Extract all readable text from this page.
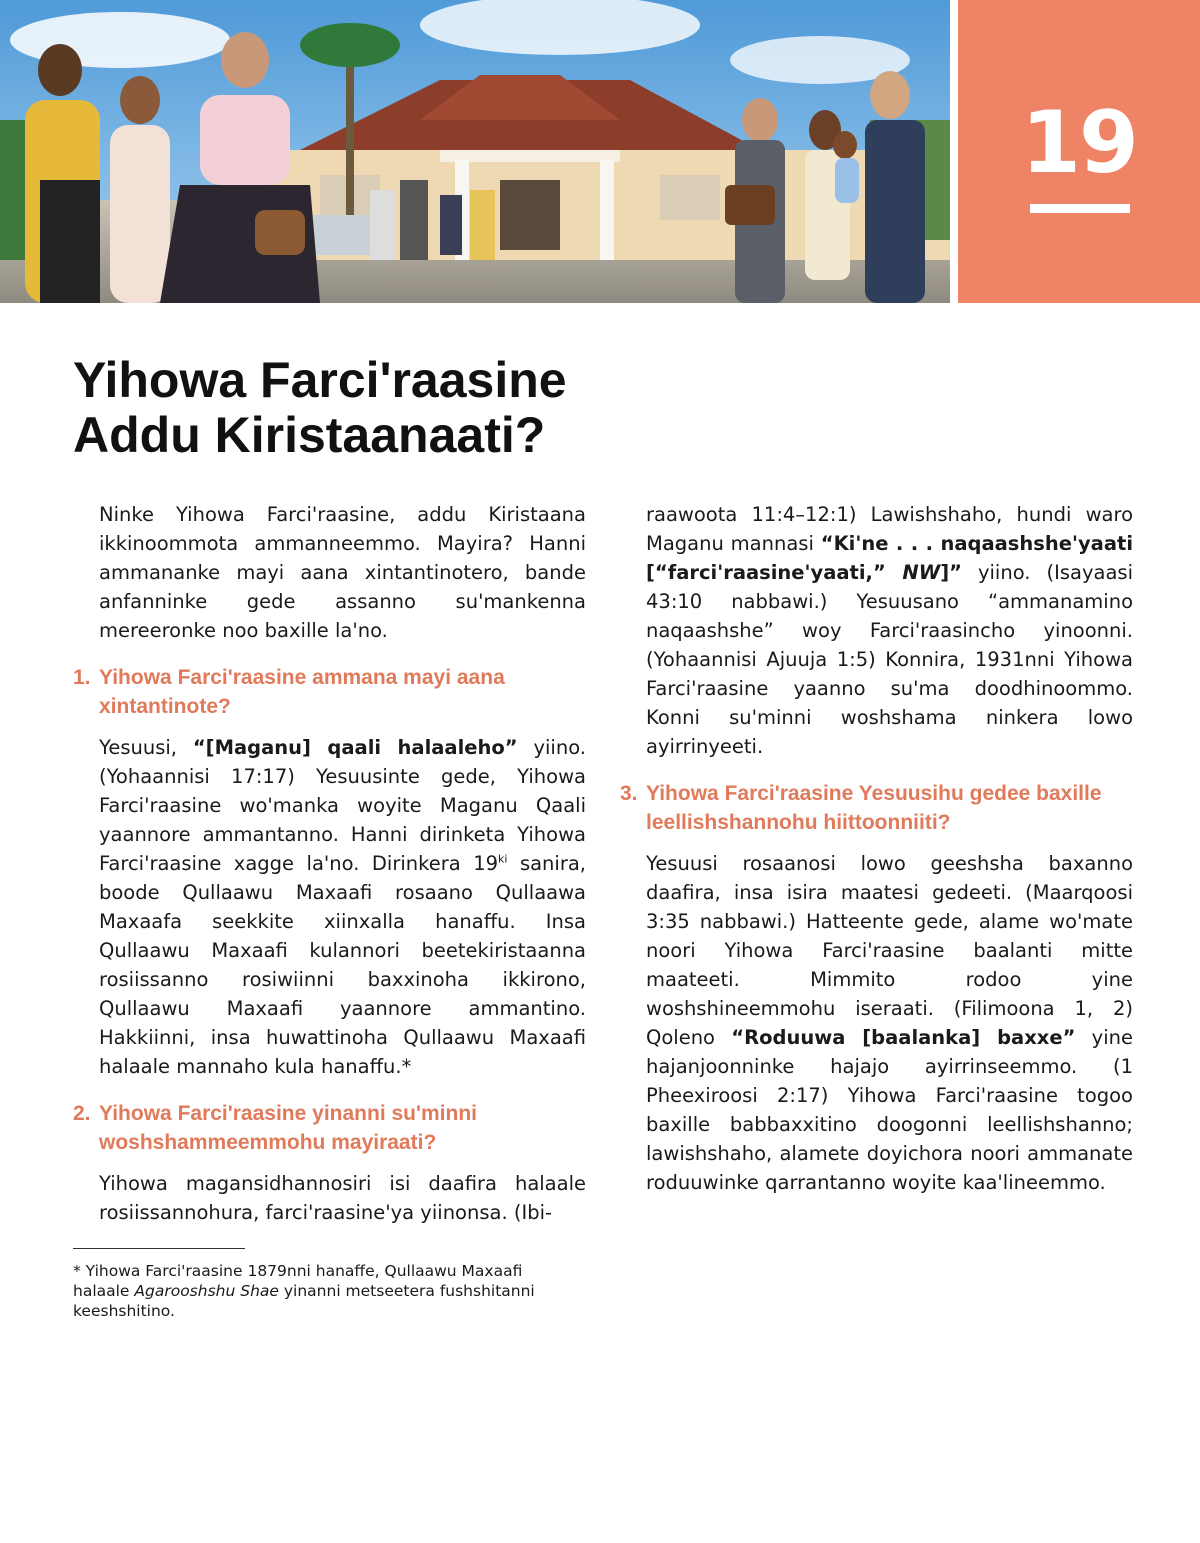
19
Yihowa Farci'raasine
Addu Kiristaanaati?

Ninke Yihowa Farci'raasine, addu Kiristaana ikkinoommota ammanneemmo. Mayira? Hanni ammananke mayi aana xintantinotero, bande anfanninke gede assanno su'mankenna mereeronke noo baxille la'no.

1. Yihowa Farci'raasine ammana mayi aana xintantinote?

Yesuusi, “[Maganu] qaali halaaleho” yiino. (Yohaannisi 17:17) Yesuusinte gede, Yihowa Farci'raasine wo'manka woyite Maganu Qaali yaannore ammantanno. Hanni dirinketa Yihowa Farci'raasine xagge la'no. Dirinkera $19^{ki}$ sanira, boode Qullaawu Maxaafi rosaano Qullaawa Maxaafa seekkite xiinxalla hanaffu. Insa Qullaawu Maxaafi kulannori beetekiristaanna rosiissanno rosiwiinni baxxinoha ikkirono, Qullaawu Maxaafi yaannore ammantino. Hakkiinni, insa huwattinoha Qullaawu Maxaafi halaale mannaho kula hanaffu.*

2. Yihowa Farci'raasine yinanni su'minni woshshammeemmohu mayiraati?

Yihowa magansidhannosiri isi daafira halaale rosiissannohura, farci'raasine'ya yiinonsa. (Ibi-

* Yihowa Farci'raasine 1879nni hanaffe, Qullaawu Maxaafi halaale Agarooshshu Shae yinanni metseetera fushshitanni keeshshitino.

raawoota 11:4–12:1) Lawishshaho, hundi waro Maganu mannasi “Ki'ne . . . naqaashshe'yaati [“farci'raasine'yaati,” NW]” yiino. (Isayaasi 43:10 nabbawi.) Yesuusano “ammanamino naqaashshe” woy Farci'raasincho yinoonni. (Yohaannisi Ajuuja 1:5) Konnira, 1931nni Yihowa Farci'raasine yaanno su'ma doodhinoommo. Konni su'minni woshshama ninkera lowo ayirrinyeeti.

3. Yihowa Farci'raasine Yesuusihu gedee baxille leellishshannohu hiittoonniiti?

Yesuusi rosaanosi lowo geeshsha baxanno daafira, insa isira maatesi gedeeti. (Maarqoosi 3:35 nabbawi.) Hatteente gede, alame wo'mate noori Yihowa Farci'raasine baalanti mitte maateeti. Mimmito rodoo yine woshshineemmohu iseraati. (Filimoona 1, 2) Qoleno “Roduuwa [baalanka] baxxe” yine hajanjoonninke hajajo ayirrinseemmo. (1 Pheexiroosi 2:17) Yihowa Farci'raasine togoo baxille babbaxxitino doogonni leellishshanno; lawishshaho, alamete doyichora noori ammanate roduuwinke qarrantanno woyite kaa'lineemmo.
